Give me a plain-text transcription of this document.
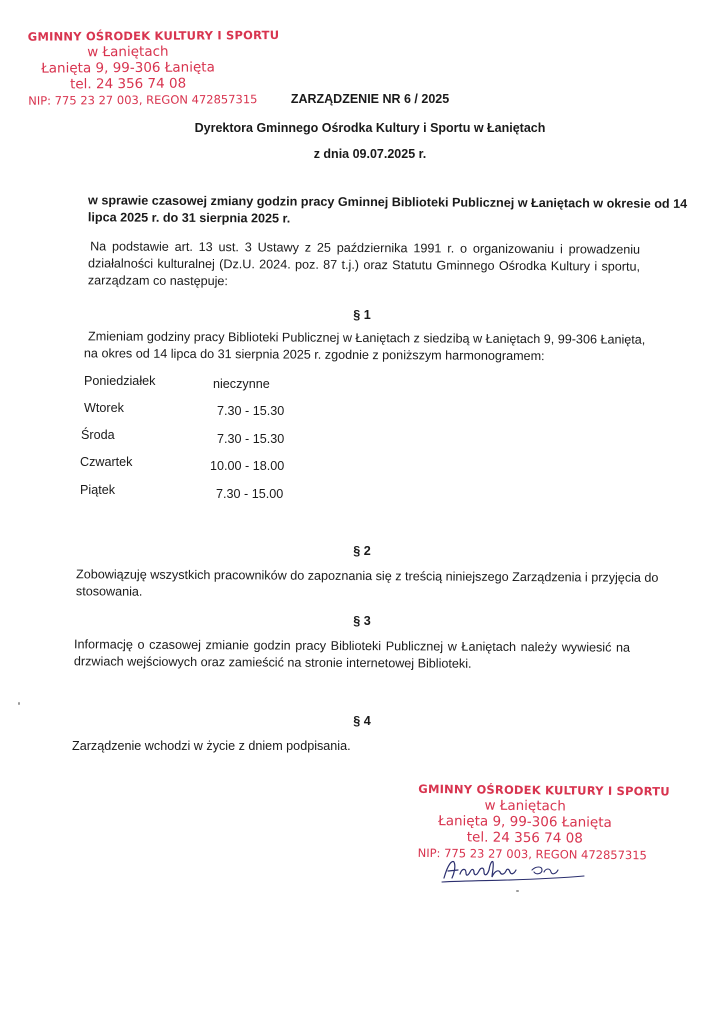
GMINNY OŚRODEK KULTURY I SPORTU
w Łaniętach
Łanięta 9, 99-306 Łanięta
tel. 24 356 74 08
NIP: 775 23 27 003, REGON 472857315	ZARZĄDZENIE NR 6 / 2025
Dyrektora Gminnego Ośrodka Kultury i Sportu w Łaniętach
z dnia 09.07.2025 r.
w sprawie czasowej zmiany godzin pracy Gminnej Biblioteki Publicznej w Łaniętach w okresie od 14
lipca 2025 r. do 31 sierpnia 2025 r.
Na podstawie art. 13 ust. 3 Ustawy z 25 października 1991 r. o organizowaniu i prowadzeniu
działalności kulturalnej (Dz.U. 2024. poz. 87 t.j.) oraz Statutu Gminnego Ośrodka Kultury i sportu,
zarządzam co następuje:
§ 1
Zmieniam godziny pracy Biblioteki Publicznej w Łaniętach z siedzibą w Łaniętach 9, 99-306 Łanięta,
na okres od 14 lipca do 31 sierpnia 2025 r. zgodnie z poniższym harmonogramem:
Poniedziałek	nieczynne
Wtorek	7.30 - 15.30
Środa	7.30 - 15.30
Czwartek	10.00 - 18.00
Piątek	7.30 - 15.00
§ 2
Zobowiązuję wszystkich pracowników do zapoznania się z treścią niniejszego Zarządzenia i przyjęcia do
stosowania.
§ 3
Informację o czasowej zmianie godzin pracy Biblioteki Publicznej w Łaniętach należy wywiesić na
drzwiach wejściowych oraz zamieścić na stronie internetowej Biblioteki.
§ 4
Zarządzenie wchodzi w życie z dniem podpisania.
GMINNY OŚRODEK KULTURY I SPORTU
w Łaniętach
Łanięta 9, 99-306 Łanięta
tel. 24 356 74 08
NIP: 775 23 27 003, REGON 472857315
